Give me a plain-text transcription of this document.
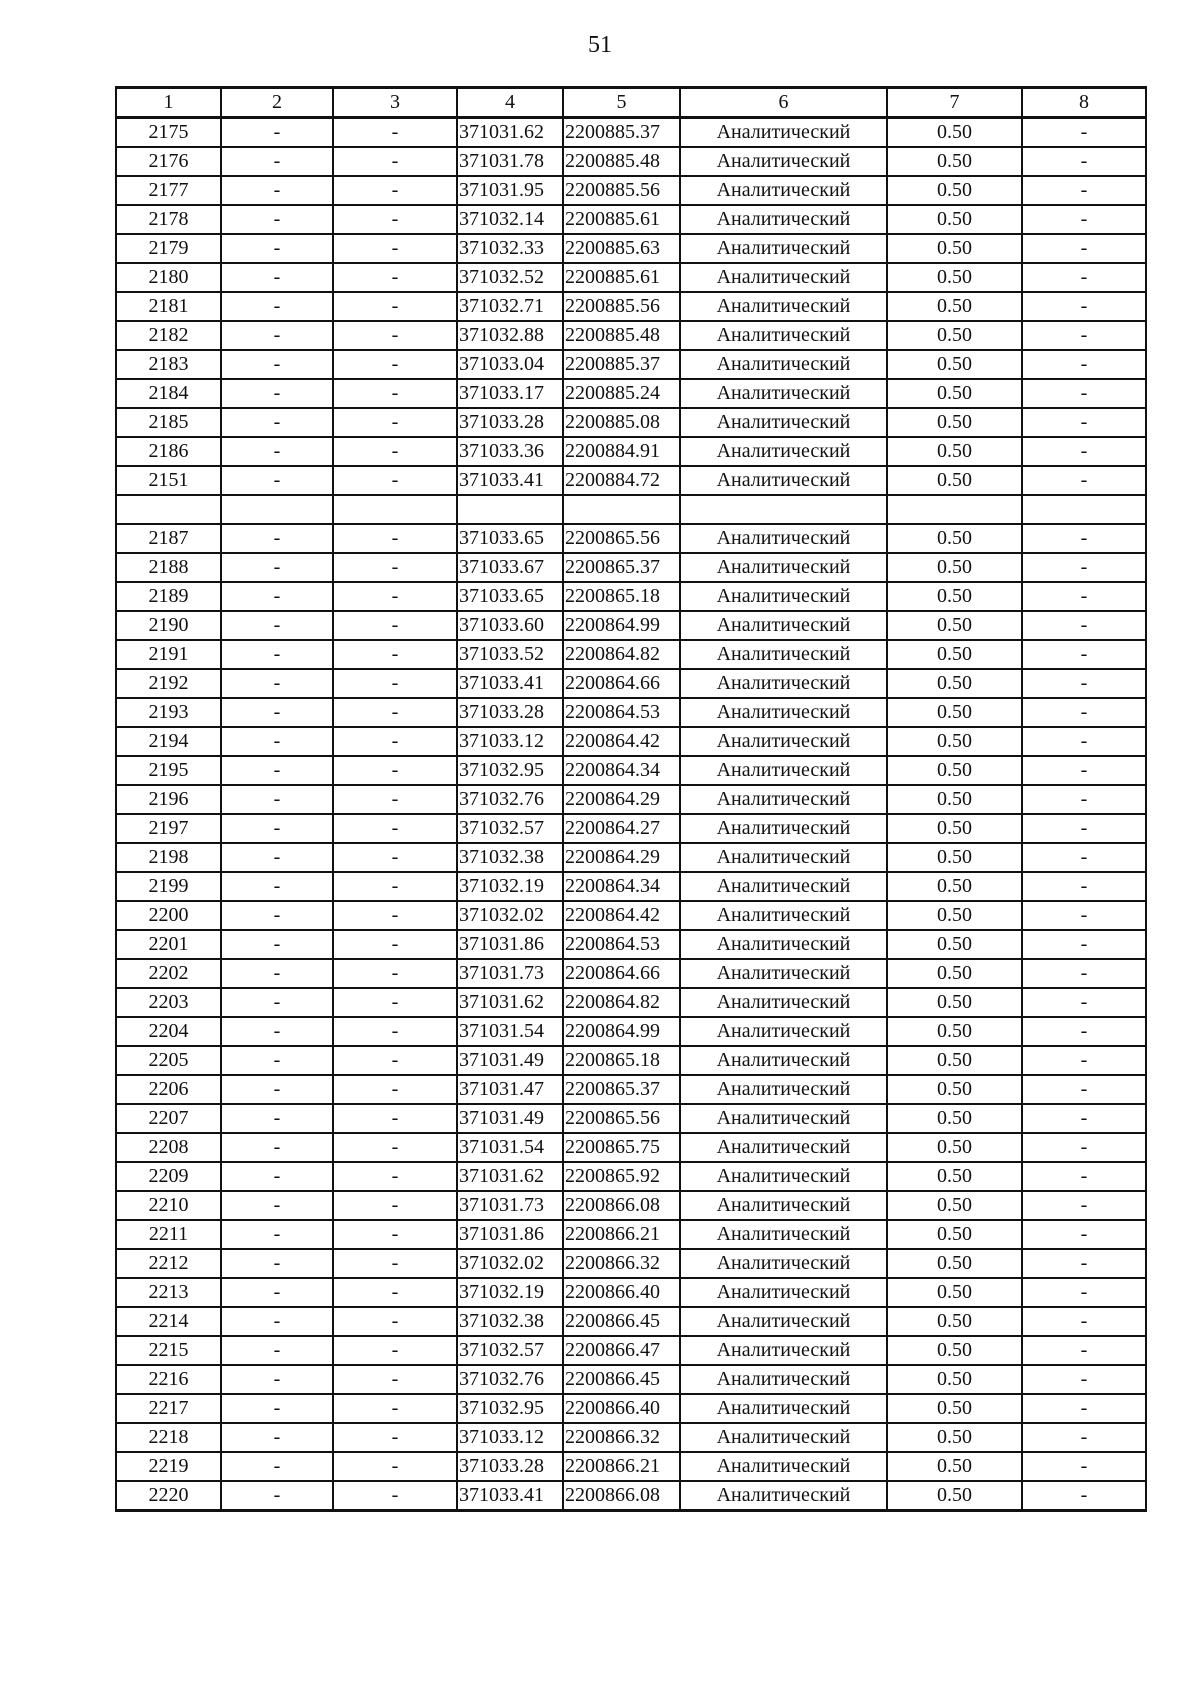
51
1	2	3	4	5	6	7	8
2175	-	-	371031.62	2200885.37	Аналитический	0.50	-
2176	-	-	371031.78	2200885.48	Аналитический	0.50	-
2177	-	-	371031.95	2200885.56	Аналитический	0.50	-
2178	-	-	371032.14	2200885.61	Аналитический	0.50	-
2179	-	-	371032.33	2200885.63	Аналитический	0.50	-
2180	-	-	371032.52	2200885.61	Аналитический	0.50	-
2181	-	-	371032.71	2200885.56	Аналитический	0.50	-
2182	-	-	371032.88	2200885.48	Аналитический	0.50	-
2183	-	-	371033.04	2200885.37	Аналитический	0.50	-
2184	-	-	371033.17	2200885.24	Аналитический	0.50	-
2185	-	-	371033.28	2200885.08	Аналитический	0.50	-
2186	-	-	371033.36	2200884.91	Аналитический	0.50	-
2151	-	-	371033.41	2200884.72	Аналитический	0.50	-

2187	-	-	371033.65	2200865.56	Аналитический	0.50	-
2188	-	-	371033.67	2200865.37	Аналитический	0.50	-
2189	-	-	371033.65	2200865.18	Аналитический	0.50	-
2190	-	-	371033.60	2200864.99	Аналитический	0.50	-
2191	-	-	371033.52	2200864.82	Аналитический	0.50	-
2192	-	-	371033.41	2200864.66	Аналитический	0.50	-
2193	-	-	371033.28	2200864.53	Аналитический	0.50	-
2194	-	-	371033.12	2200864.42	Аналитический	0.50	-
2195	-	-	371032.95	2200864.34	Аналитический	0.50	-
2196	-	-	371032.76	2200864.29	Аналитический	0.50	-
2197	-	-	371032.57	2200864.27	Аналитический	0.50	-
2198	-	-	371032.38	2200864.29	Аналитический	0.50	-
2199	-	-	371032.19	2200864.34	Аналитический	0.50	-
2200	-	-	371032.02	2200864.42	Аналитический	0.50	-
2201	-	-	371031.86	2200864.53	Аналитический	0.50	-
2202	-	-	371031.73	2200864.66	Аналитический	0.50	-
2203	-	-	371031.62	2200864.82	Аналитический	0.50	-
2204	-	-	371031.54	2200864.99	Аналитический	0.50	-
2205	-	-	371031.49	2200865.18	Аналитический	0.50	-
2206	-	-	371031.47	2200865.37	Аналитический	0.50	-
2207	-	-	371031.49	2200865.56	Аналитический	0.50	-
2208	-	-	371031.54	2200865.75	Аналитический	0.50	-
2209	-	-	371031.62	2200865.92	Аналитический	0.50	-
2210	-	-	371031.73	2200866.08	Аналитический	0.50	-
2211	-	-	371031.86	2200866.21	Аналитический	0.50	-
2212	-	-	371032.02	2200866.32	Аналитический	0.50	-
2213	-	-	371032.19	2200866.40	Аналитический	0.50	-
2214	-	-	371032.38	2200866.45	Аналитический	0.50	-
2215	-	-	371032.57	2200866.47	Аналитический	0.50	-
2216	-	-	371032.76	2200866.45	Аналитический	0.50	-
2217	-	-	371032.95	2200866.40	Аналитический	0.50	-
2218	-	-	371033.12	2200866.32	Аналитический	0.50	-
2219	-	-	371033.28	2200866.21	Аналитический	0.50	-
2220	-	-	371033.41	2200866.08	Аналитический	0.50	-
